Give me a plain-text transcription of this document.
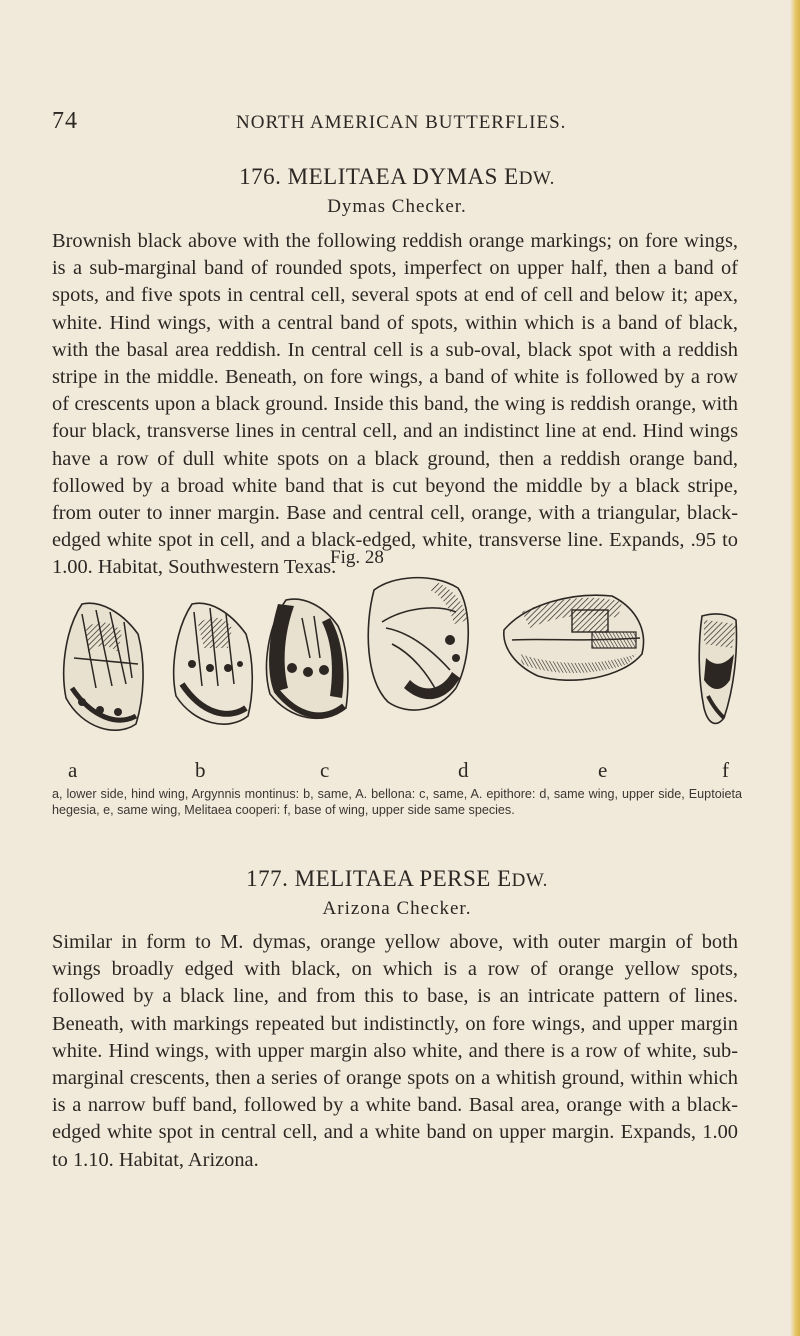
74	NORTH AMERICAN BUTTERFLIES.
176. MELITAEA DYMAS EDW.
Dymas Checker.

Brownish black above with the following reddish orange markings; on fore wings, is a sub-marginal band of rounded spots, imperfect on upper half, then a band of spots, and five spots in central cell, several spots at end of cell and below it; apex, white. Hind wings, with a central band of spots, within which is a band of black, with the basal area reddish. In central cell is a sub-oval, black spot with a reddish stripe in the middle. Beneath, on fore wings, a band of white is followed by a row of crescents upon a black ground. Inside this band, the wing is reddish orange, with four black, transverse lines in central cell, and an indistinct line at end. Hind wings have a row of dull white spots on a black ground, then a reddish orange band, followed by a broad white band that is cut beyond the middle by a black stripe, from outer to inner margin. Base and central cell, orange, with a triangular, black-edged white spot in cell, and a black-edged, white, transverse line. Expands, .95 to 1.00. Habitat, Southwestern Texas.

Fig. 28
a	b	c	d	e	f

a, lower side, hind wing, Argynnis montinus: b, same, A. bellona: c, same, A. epithore: d, same wing, upper side, Euptoieta hegesia, e, same wing, Melitaea cooperi: f, base of wing, upper side same species.

177. MELITAEA PERSE EDW.
Arizona Checker.

Similar in form to M. dymas, orange yellow above, with outer margin of both wings broadly edged with black, on which is a row of orange yellow spots, followed by a black line, and from this to base, is an intricate pattern of lines. Beneath, with markings repeated but indistinctly, on fore wings, and upper margin white. Hind wings, with upper margin also white, and there is a row of white, sub-marginal crescents, then a series of orange spots on a whitish ground, within which is a narrow buff band, followed by a white band. Basal area, orange with a black-edged white spot in central cell, and a white band on upper margin. Expands, 1.00 to 1.10. Habitat, Arizona.
